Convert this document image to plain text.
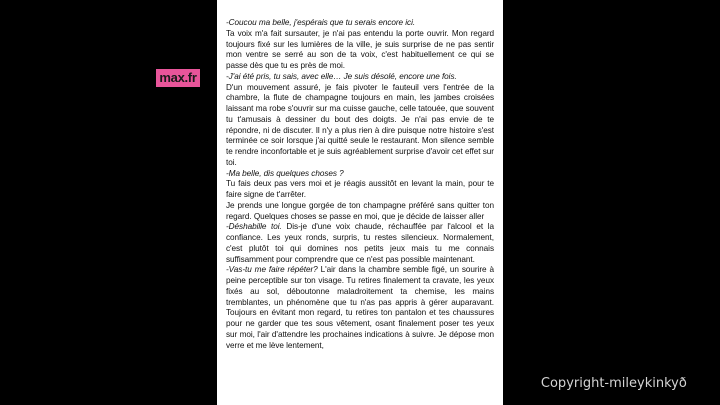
max.fr

-Coucou ma belle, j'espérais que tu serais encore ici.

Ta voix m'a fait sursauter, je n'ai pas entendu la porte ouvrir. Mon regard toujours fixé sur les lumières de la ville, je suis surprise de ne pas sentir mon ventre se serré au son de ta voix, c'est habituellement ce qui se passe dès que tu es près de moi.

-J'ai été pris, tu sais, avec elle… Je suis désolé, encore une fois.

D'un mouvement assuré, je fais pivoter le fauteuil vers l'entrée de la chambre, la flute de champagne toujours en main, les jambes croisées laissant ma robe s'ouvrir sur ma cuisse gauche, celle tatouée, que souvent tu t'amusais à dessiner du bout des doigts. Je n'ai pas envie de te répondre, ni de discuter. Il n'y a plus rien à dire puisque notre histoire s'est terminée ce soir lorsque j'ai quitté seule le restaurant. Mon silence semble te rendre inconfortable et je suis agréablement surprise d'avoir cet effet sur toi.

-Ma belle, dis quelques choses ?

Tu fais deux pas vers moi et je réagis aussitôt en levant la main, pour te faire signe de t'arrêter.

Je prends une longue gorgée de ton champagne préféré sans quitter ton regard. Quelques choses se passe en moi, que je décide de laisser aller

-Déshabille toi. Dis-je d'une voix chaude, réchauffée par l'alcool et la confiance. Les yeux ronds, surpris, tu restes silencieux. Normalement, c'est plutôt toi qui domines nos petits jeux mais tu me connais suffisamment pour comprendre que ce n'est pas possible maintenant.

-Vas-tu me faire répéter? L'air dans la chambre semble figé, un sourire à peine perceptible sur ton visage. Tu retires finalement ta cravate, les yeux fixés au sol, déboutonne maladroitement ta chemise, les mains tremblantes, un phénomène que tu n'as pas appris à gérer auparavant. Toujours en évitant mon regard, tu retires ton pantalon et tes chaussures pour ne garder que tes sous vêtement, osant finalement poser tes yeux sur moi, l'air d'attendre les prochaines indications à suivre. Je dépose mon verre et me lève lentement,

Copyright-mileykinkyð
